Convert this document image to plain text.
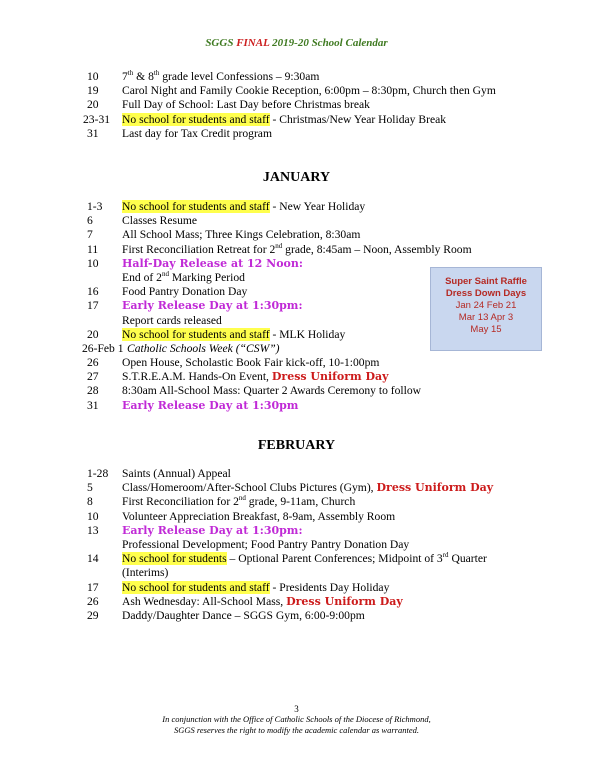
SGGS FINAL 2019-20 School Calendar
10 7th & 8th grade level Confessions – 9:30am
19 Carol Night and Family Cookie Reception, 6:00pm – 8:30pm, Church then Gym
20 Full Day of School: Last Day before Christmas break
23-31 No school for students and staff - Christmas/New Year Holiday Break
31 Last day for Tax Credit program
JANUARY
1-3 No school for students and staff - New Year Holiday
6	Classes Resume
7	All School Mass; Three Kings Celebration, 8:30am
11 First Reconciliation Retreat for 2nd grade, 8:45am – Noon, Assembly Room
10 Half-Day Release at 12 Noon:
End of 2nd Marking Period
16 Food Pantry Donation Day
17 Early Release Day at 1:30pm:
Report cards released
20 No school for students and staff - MLK Holiday
26-Feb 1 Catholic Schools Week (“CSW”)
26 Open House, Scholastic Book Fair kick-off, 10-1:00pm
27 S.T.R.E.A.M. Hands-On Event, Dress Uniform Day
28 8:30am All-School Mass: Quarter 2 Awards Ceremony to follow
31 Early Release Day at 1:30pm
Super Saint Raffle
Dress Down Days
Jan 24 Feb 21
Mar 13 Apr 3
May 15
FEBRUARY
1-28 Saints (Annual) Appeal
5	Class/Homeroom/After-School Clubs Pictures (Gym), Dress Uniform Day
8	First Reconciliation for 2nd grade, 9-11am, Church
10 Volunteer Appreciation Breakfast, 8-9am, Assembly Room
13 Early Release Day at 1:30pm:
Professional Development; Food Pantry Pantry Donation Day
14 No school for students – Optional Parent Conferences; Midpoint of 3rd Quarter
(Interims)
17 No school for students and staff - Presidents Day Holiday
26 Ash Wednesday: All-School Mass, Dress Uniform Day
29 Daddy/Daughter Dance – SGGS Gym, 6:00-9:00pm
3
In conjunction with the Office of Catholic Schools of the Diocese of Richmond,
SGGS reserves the right to modify the academic calendar as warranted.
